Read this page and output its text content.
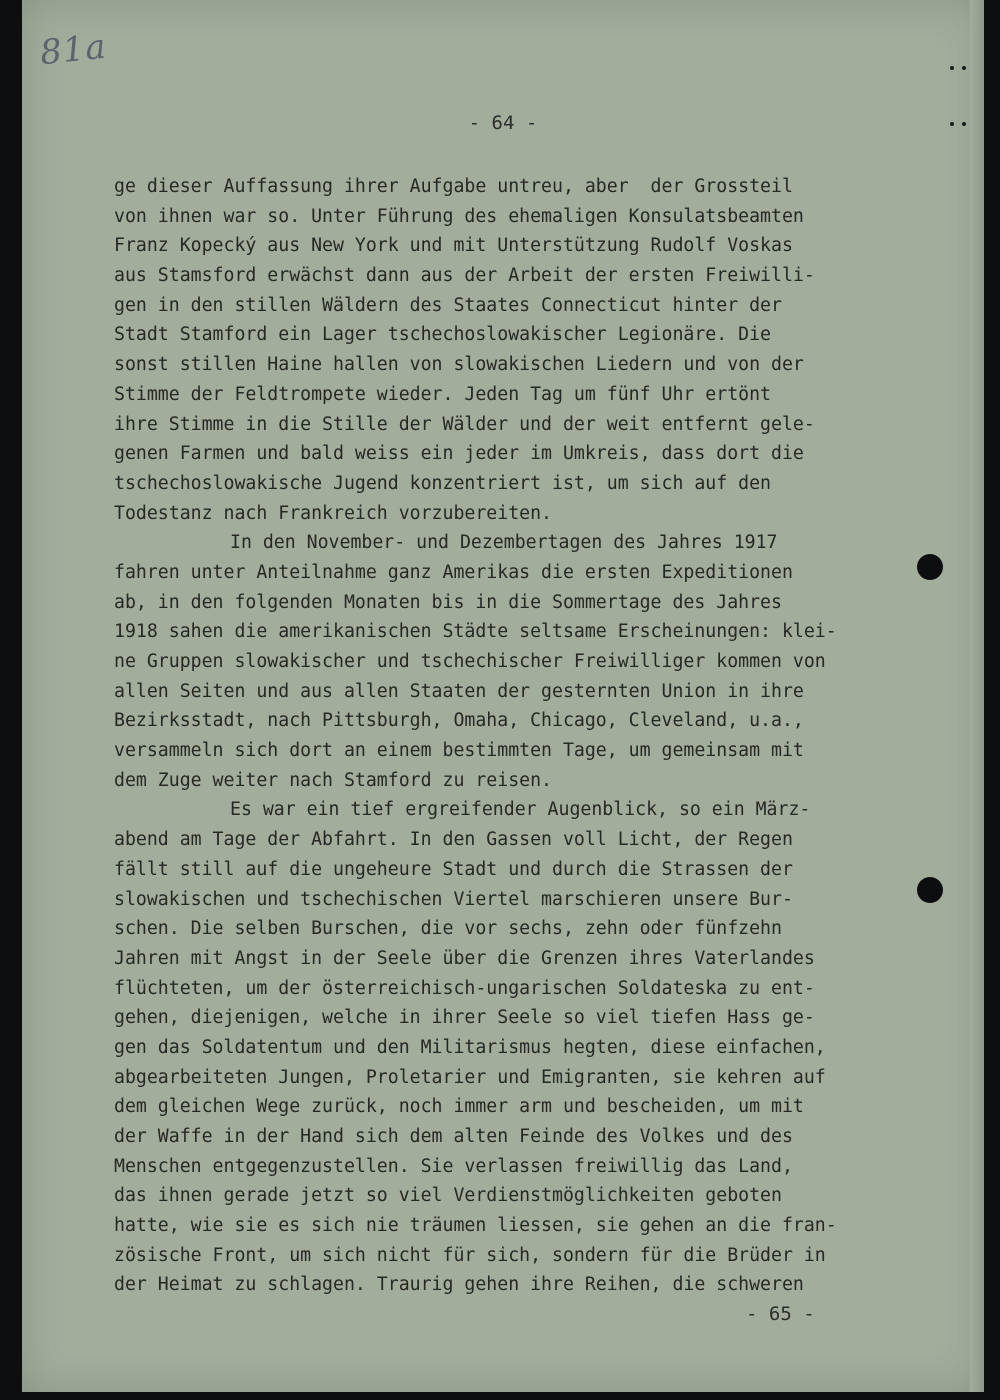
81a
- 64 -
ge dieser Auffassung ihrer Aufgabe untreu, aber  der Grossteil
von ihnen war so. Unter Führung des ehemaligen Konsulatsbeamten
Franz Kopecký aus New York und mit Unterstützung Rudolf Voskas
aus Stamsford erwächst dann aus der Arbeit der ersten Freiwilli-
gen in den stillen Wäldern des Staates Connecticut hinter der
Stadt Stamford ein Lager tschechoslowakischer Legionäre. Die
sonst stillen Haine hallen von slowakischen Liedern und von der
Stimme der Feldtrompete wieder. Jeden Tag um fünf Uhr ertönt
ihre Stimme in die Stille der Wälder und der weit entfernt gele-
genen Farmen und bald weiss ein jeder im Umkreis, dass dort die
tschechoslowakische Jugend konzentriert ist, um sich auf den
Todestanz nach Frankreich vorzubereiten.
In den November- und Dezembertagen des Jahres 1917
fahren unter Anteilnahme ganz Amerikas die ersten Expeditionen
ab, in den folgenden Monaten bis in die Sommertage des Jahres
1918 sahen die amerikanischen Städte seltsame Erscheinungen: klei-
ne Gruppen slowakischer und tschechischer Freiwilliger kommen von
allen Seiten und aus allen Staaten der gesternten Union in ihre
Bezirksstadt, nach Pittsburgh, Omaha, Chicago, Cleveland, u.a.,
versammeln sich dort an einem bestimmten Tage, um gemeinsam mit
dem Zuge weiter nach Stamford zu reisen.
Es war ein tief ergreifender Augenblick, so ein März-
abend am Tage der Abfahrt. In den Gassen voll Licht, der Regen
fällt still auf die ungeheure Stadt und durch die Strassen der
slowakischen und tschechischen Viertel marschieren unsere Bur-
schen. Die selben Burschen, die vor sechs, zehn oder fünfzehn
Jahren mit Angst in der Seele über die Grenzen ihres Vaterlandes
flüchteten, um der österreichisch-ungarischen Soldateska zu ent-
gehen, diejenigen, welche in ihrer Seele so viel tiefen Hass ge-
gen das Soldatentum und den Militarismus hegten, diese einfachen,
abgearbeiteten Jungen, Proletarier und Emigranten, sie kehren auf
dem gleichen Wege zurück, noch immer arm und bescheiden, um mit
der Waffe in der Hand sich dem alten Feinde des Volkes und des
Menschen entgegenzustellen. Sie verlassen freiwillig das Land,
das ihnen gerade jetzt so viel Verdienstmöglichkeiten geboten
hatte, wie sie es sich nie träumen liessen, sie gehen an die fran-
zösische Front, um sich nicht für sich, sondern für die Brüder in
der Heimat zu schlagen. Traurig gehen ihre Reihen, die schweren
- 65 -
